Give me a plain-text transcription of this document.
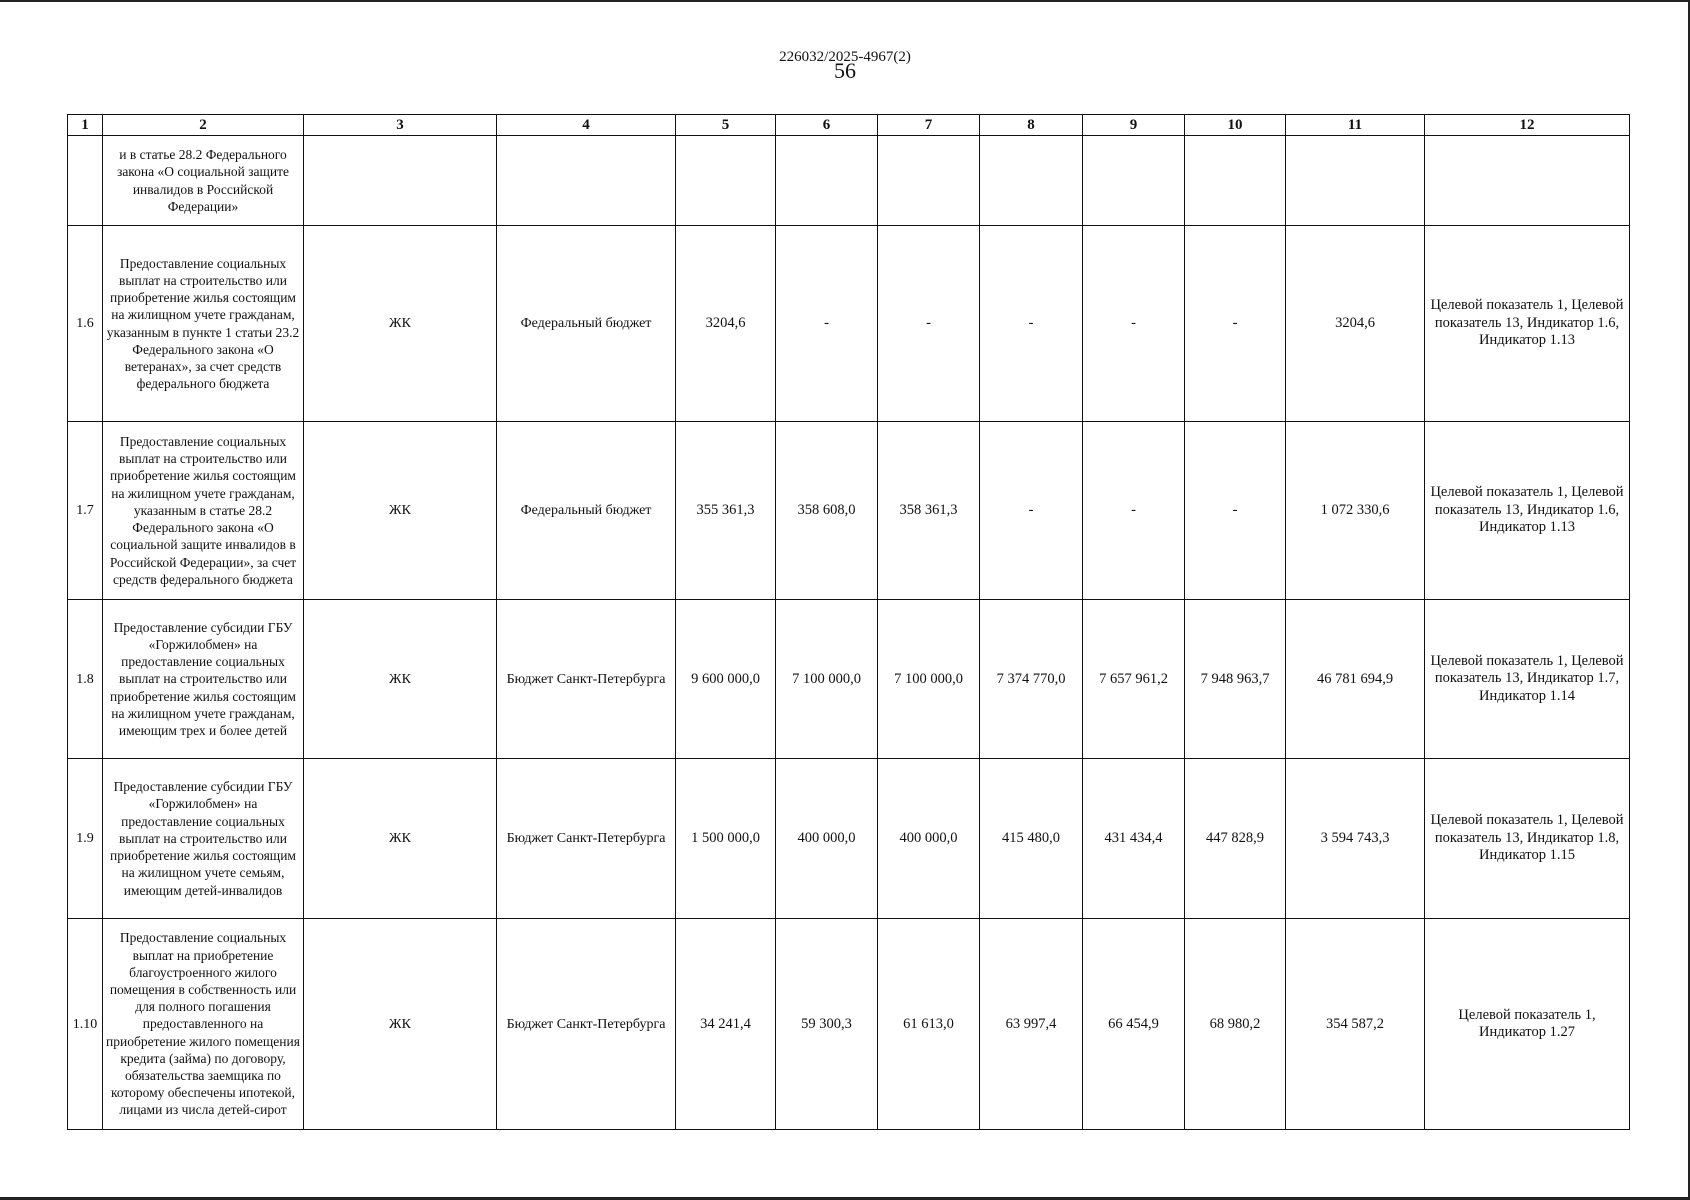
226032/2025-4967(2)
56
1	2	3	4	5	6	7	8	9	10	11	12
	и в статье 28.2 Федерального закона «О социальной защите инвалидов в Российской Федерации»										
1.6	Предоставление социальных выплат на строительство или приобретение жилья состоящим на жилищном учете гражданам, указанным в пункте 1 статьи 23.2 Федерального закона «О ветеранах», за счет средств федерального бюджета	ЖК	Федеральный бюджет	3204,6	-	-	-	-	-	3204,6	Целевой показатель 1, Целевой показатель 13, Индикатор 1.6, Индикатор 1.13
1.7	Предоставление социальных выплат на строительство или приобретение жилья состоящим на жилищном учете гражданам, указанным в статье 28.2 Федерального закона «О социальной защите инвалидов в Российской Федерации», за счет средств федерального бюджета	ЖК	Федеральный бюджет	355 361,3	358 608,0	358 361,3	-	-	-	1 072 330,6	Целевой показатель 1, Целевой показатель 13, Индикатор 1.6, Индикатор 1.13
1.8	Предоставление субсидии ГБУ «Горжилобмен» на предоставление социальных выплат на строительство или приобретение жилья состоящим на жилищном учете гражданам, имеющим трех и более детей	ЖК	Бюджет Санкт-Петербурга	9 600 000,0	7 100 000,0	7 100 000,0	7 374 770,0	7 657 961,2	7 948 963,7	46 781 694,9	Целевой показатель 1, Целевой показатель 13, Индикатор 1.7, Индикатор 1.14
1.9	Предоставление субсидии ГБУ «Горжилобмен» на предоставление социальных выплат на строительство или приобретение жилья состоящим на жилищном учете семьям, имеющим детей-инвалидов	ЖК	Бюджет Санкт-Петербурга	1 500 000,0	400 000,0	400 000,0	415 480,0	431 434,4	447 828,9	3 594 743,3	Целевой показатель 1, Целевой показатель 13, Индикатор 1.8, Индикатор 1.15
1.10	Предоставление социальных выплат на приобретение благоустроенного жилого помещения в собственность или для полного погашения предоставленного на приобретение жилого помещения кредита (займа) по договору, обязательства заемщика по которому обеспечены ипотекой, лицами из числа детей-сирот	ЖК	Бюджет Санкт-Петербурга	34 241,4	59 300,3	61 613,0	63 997,4	66 454,9	68 980,2	354 587,2	Целевой показатель 1, Индикатор 1.27
